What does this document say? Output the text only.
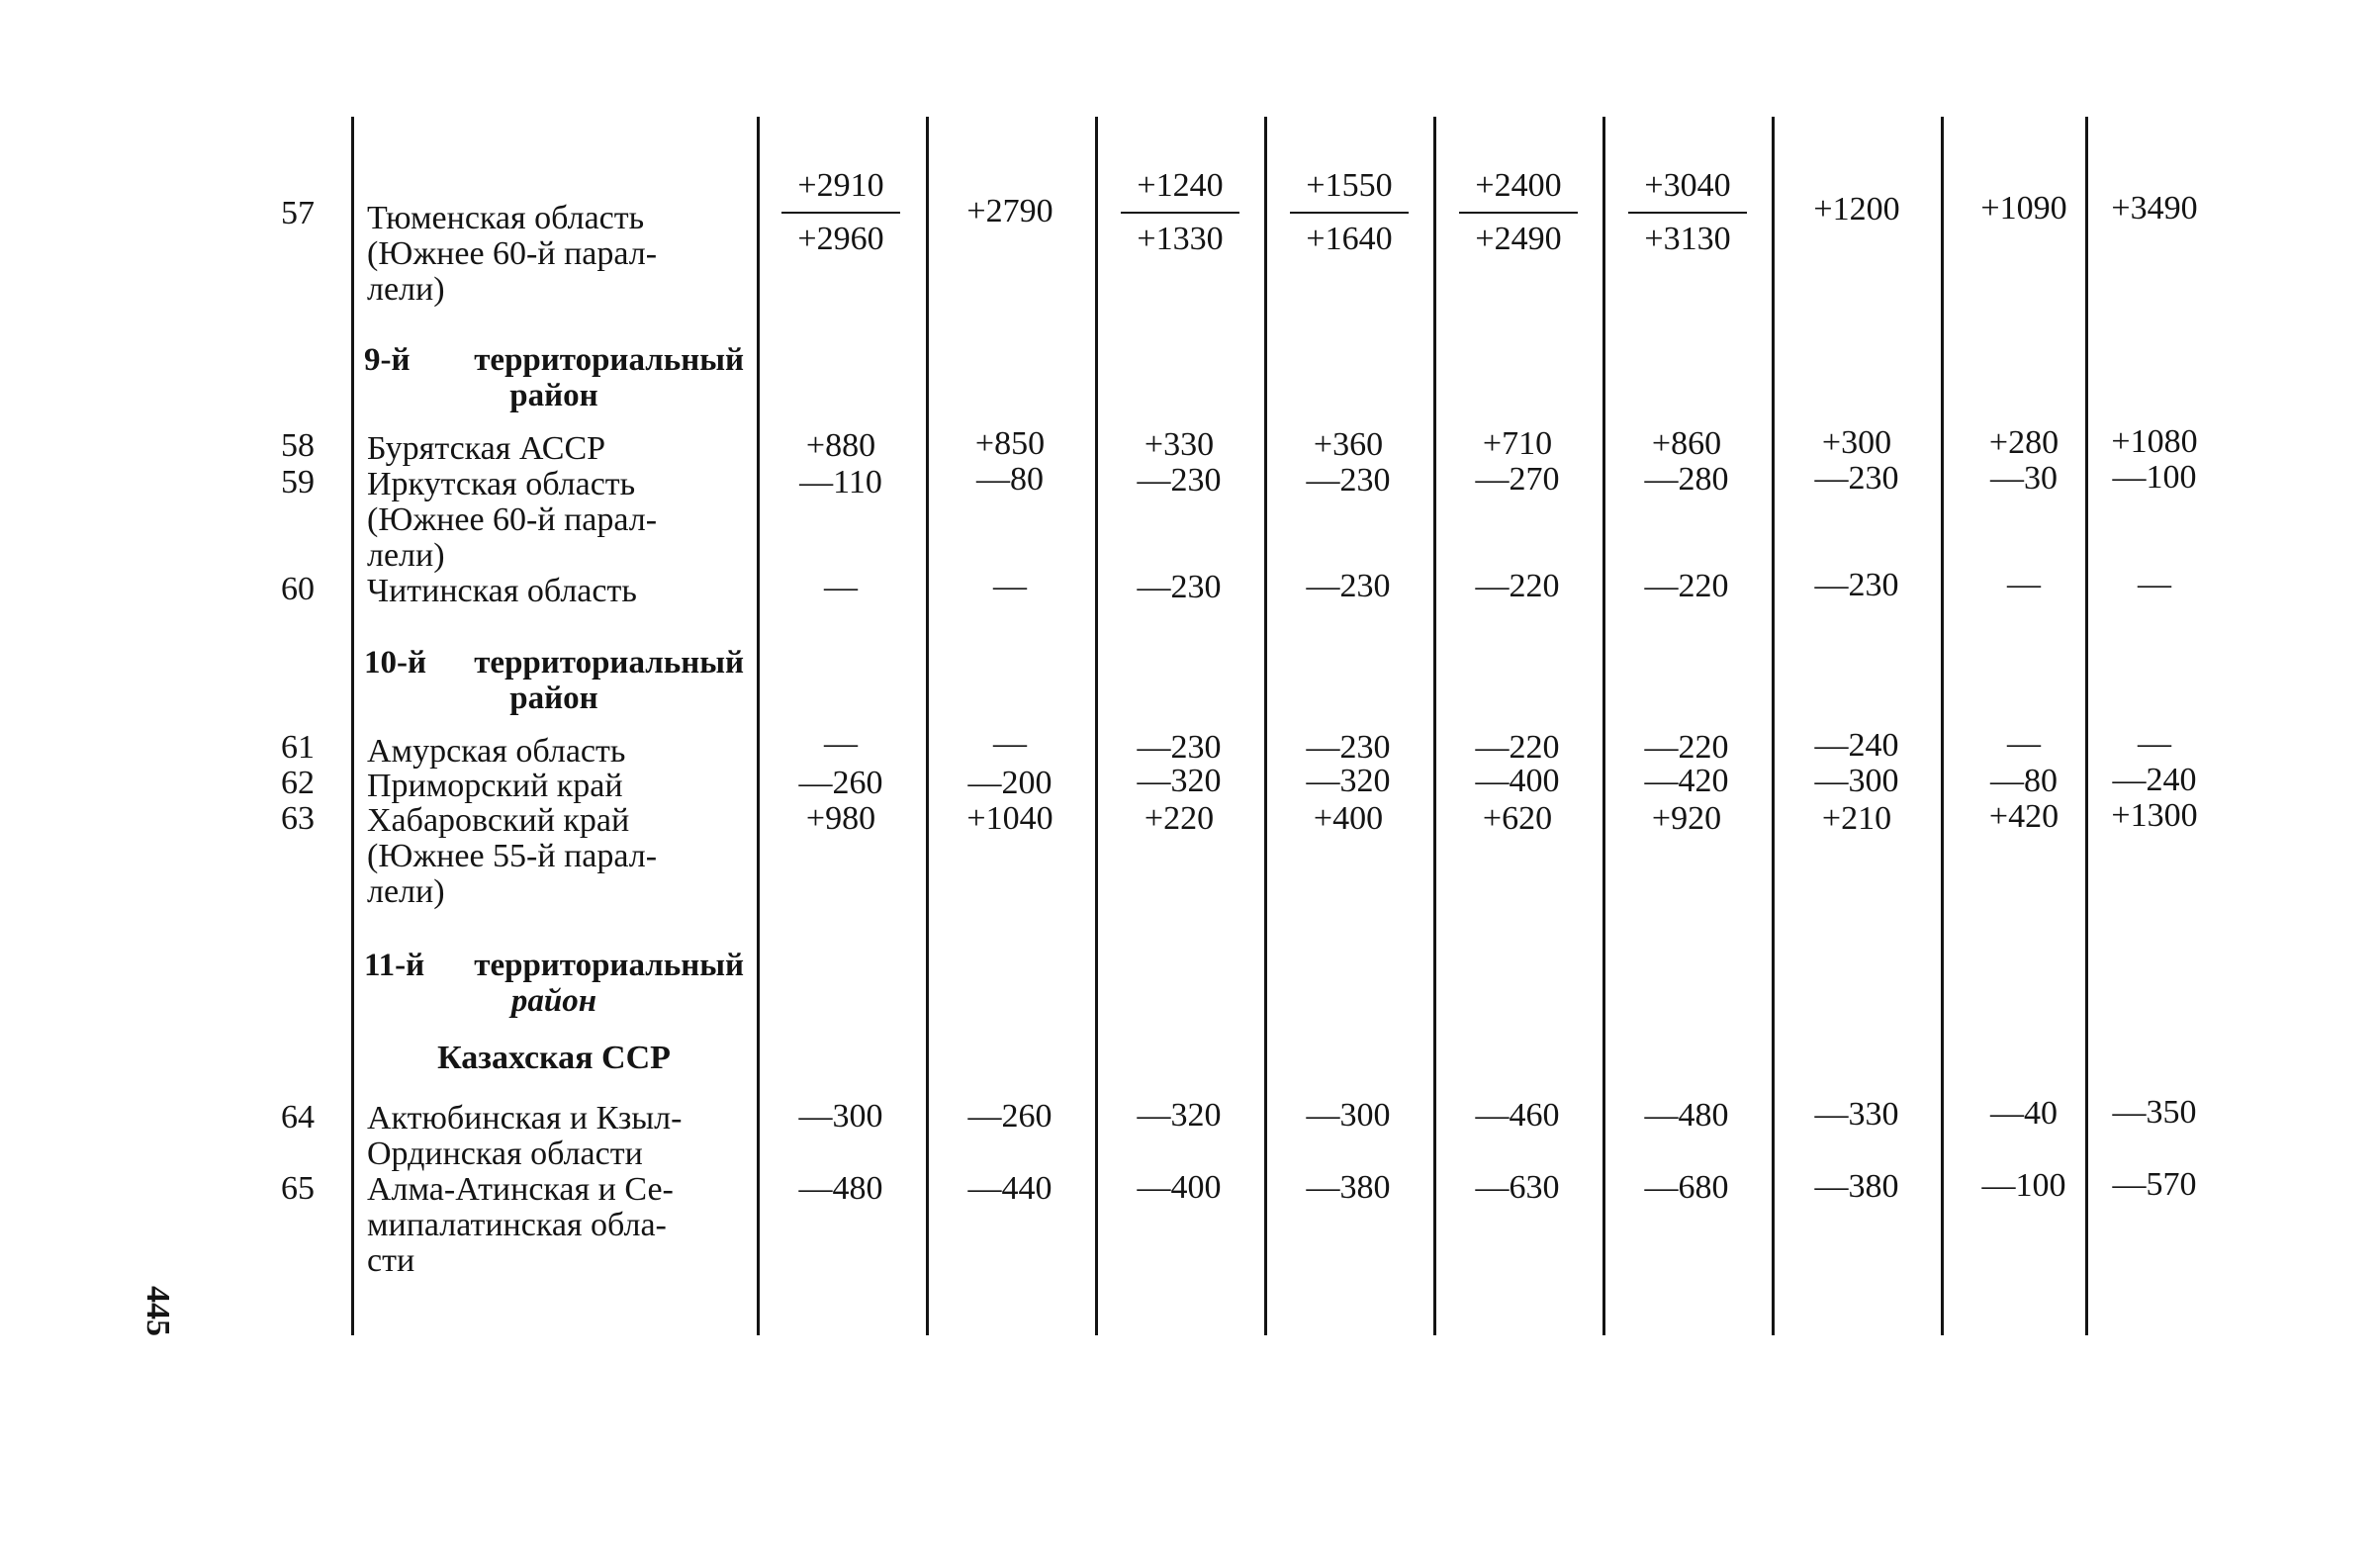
57 Тюменская область
(Южнее 60-й парал-
лели)
$\frac{+2910}{+2960}$	+2790	$\frac{+1240}{+1330} \frac{+1550}{+1640} \frac{+2400}{+2490} \frac{+3040}{+3130}$	+1200	+1090	+3490
9-й территориальный
район
58 Бурятская АССР	+880	+850	+330	+360	+710	+860	+300	+280	+1080
59 Иркутская область
(Южнее 60-й парал-
лели)
—110	—80	—230	—230	—270	—280	—230	—30	—100
60 Читинская область	—	—	—230	—230	—220	—220	—230	—	—
10-й территориальный
район
61 Амурская область	—	—	—230	—230	—220	—220	—240	—	—
62 Приморский край	—260	—200	—320	—320	—400	—420	—300	—80	—240
63 Хабаровский край
(Южнее 55-й парал-
лели)
+980	+1040	+220	+400	+620	+920	+210	+420	+1300
11-й территориальный
район
Казахская ССР
64 Актюбинская и Кзыл-
Ординская области
—300	—260	—320	—300	—460	—480	—330	—40	—350
65 Алма-Атинская и Се-
мипалатинская обла-
сти
—480	—440	—400	—380	—630	—680	—380	—100	—570
445
